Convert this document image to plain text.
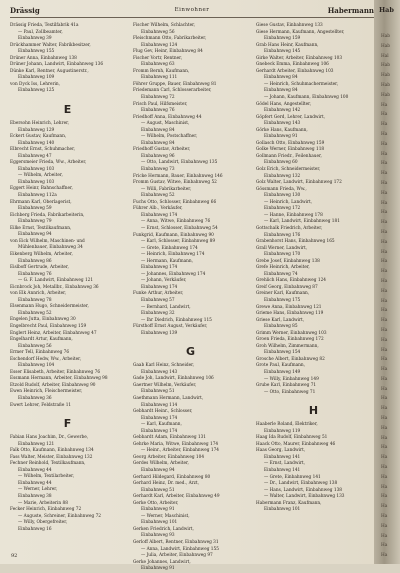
Drässig	Einwohner	Habermann
Drässig Frieda, Textilfabrik 41a
— Paul, Zollbeamter,
Einbahnweg 39
Drückhammer Walter, Fabrikbesitzer,
Einbahnweg 155
Drüner Anna, Einbahnweg 138
Drüner Johann, Landwirt, Einbahnweg 136
Dünke Karl, Rentner, Augustinerstr.,
Einbahnweg 109
von Dyck Iss, Lehrerin,
Einbahnweg 125
E
Ebersohn Heinrich, Lehrer,
Einbahnweg 129
Eckert Gustav, Kaufmann,
Einbahnweg 140
Elbrecht Ernst, Schuhmacher,
Einbahnweg 47
Eggersmeier Frieda, Ww., Arbeiter,
Einbahnweg 103
— Wilhelm, Arbeiter,
Einbahnweg 103
Eggert Heinr, Bahnschaffner,
Einbahnweg 112a
Ehrmann Karl, Oberlagerist,
Einbahnweg 59
Eichberg Frieda, Fabrikarbeiterin,
Einbahnweg 79
Eilke Ernst, Textilkaufmann,
Einbahnweg 94
von Eick Wilhelm, Maschinen- und
Mühlenbauer, Einbahnweg 34
Eikenberg Wilhelm, Arbeiter,
Einbahnweg 86
Eislboff Gertrude, Arbeiter,
Einbahnweg 76
— G. F. Landwirt, Einbahnweg 121
Eicnbrock Joh, Metallbr., Einbahnweg 36
von Elk Annrich, Arbeiter,
Einbahnweg 78
Elsenmann Hugo, Schneidermeister,
Einbahnweg 52
Engelen Jutta, Einbahnweg 30
Engelbrecht Paul, Einbahnweg 159
Englert Heinz, Arbeiter, Einbahnweg 47
Engelhardt Artur, Kaufmann,
Einbahnweg 56
Ermer Tell, Einbahnweg 76
Eschendorf Hedw, Ww., Arbeiter,
Einbahnweg 104
Esser Elisabeth, Arbeiter, Einbahnweg 76
Essmann Hermann, Arbeiter, Einbahnweg 98
Etzold Rudolf, Arbeiter, Einbahnweg 90
Ewen Heinrich, Fleischermeister,
Einbahnweg 36
Ewert Lehrer, Feldstraße 11
F
Fabian Hans Joachim, Dr., Gewerbe,
Einbahnweg 121
Falk Otto, Kaufmann, Einbahnweg 134
Fass Walter, Meister, Einbahnweg 132
Fechner Reinhold, Textilkaufmann,
Einbahnweg 44
— Wilhelm, Textilarbeiter,
Einbahnweg 44
— Werner, Lehrer,
Einbahnweg 38
— Marie, Arbeiterin 88
Fecker Heinrich, Einbahnweg 72
— Auguste, Schreiner, Einbahnweg 72
— Willy, Obergefreiter,
Einbahnweg 16
Fischer Wilhelm, Schlachter,
Einbahnweg 56
Fleischmann Otto, Fabrikarbeiter,
Einbahnweg 124
Flug Gev, Heinr, Einbahnweg 84
Fischer Vortr, Rentner,
Einbahnweg 63
Fromm Bernh, Kaufmann,
Einbahnweg 111
Föhrer Gruppe, Bauer, Einbahnweg 81
Friedemann Carl, Schlosserarbeiter,
Einbahnweg 72
Frisch Paul, Hilfsmeister,
Einbahnweg 76
Friedhoff Anna, Einbahnweg 44
— August, Maschinist,
Einbahnweg 84
— Wilhelm, Postschaffner,
Einbahnweg 84
Friedhoff Gustav, Arbeiter,
Einbahnweg 96
— Otto, Landwirt, Einbahnweg 135
Einbahnweg 73
Fricke Hermann, Bauer, Einbahnweg 146
Fromm Gustav, Witwe, Einbahnweg 52
— Willi, Fabrikarbeiter,
Einbahnweg 52
Fuchs Otto, Schlosser, Einbahnweg 66
Führer Alb., Verkäufer,
Einbahnweg 174
— Anna, Witwe, Einbahnweg 76
— Ernst, Schlosser, Einbahnweg 54
Funkgrid, Kaufmann, Einbahnweg 90
— Karl, Schlosser, Einbahnweg 89
— Grete, Einbahnweg 174
— Heinrich, Einbahnweg 174
— Hermann, Kaufmann,
Einbahnweg 174
— Johannes, Einbahnweg 174
— Johann, Verkäufer,
Einbahnweg 174
Funke Arthur, Arbeiter,
Einbahnweg 57
— Bernhard, Landwirt,
Einbahnweg 32
— Ihr Diedrich, Einbahnweg 115
Fürsthoff Ernst August, Verkäufer,
Einbahnweg 139
G
Gaab Karl Heinz, Schneider,
Einbahnweg 143
Gade Joh, Landwirt, Einbahnweg 106
Gaertner Wilhelm, Verkäufer,
Einbahnweg 51
Gaethmann Hermann, Landwirt,
Einbahnweg 114
Gebhardt Heinr., Schlosser,
Einbahnweg 174
— Karl, Kaufmann,
Einbahnweg 174
Gebbardt Adam, Einbahnweg 131
Gehrke Maria, Witwe, Einbahnweg 174
— Heinr., Arbeiter, Einbahnweg 174
Georg Arbeiter, Einbahnweg 104
Gerdes Wilhelm, Arbeiter,
Einbahnweg 94
Gerhard Hildegard, Einbahnweg 80
Gerhard Heinz, Dr. med., Arzt,
Einbahnweg 51
Gerhardt Karl, Arbeiter, Einbahnweg 49
Gerke Otto, Arbeiter,
Einbahnweg 91
— Werner, Maschinist,
Einbahnweg 101
Gerken Friedrich, Landwirt,
Einbahnweg 93
Gerloff Albert, Rentner, Einbahnweg 31
— Anna, Landwirt, Einbahnweg 155
— Julia, Arbeiter, Einbahnweg 97
Gerke Johannes, Landwirt,
Einbahnweg 91
Giese Gustav, Einbahnweg 133
Giese Hermann, Kaufmann, Angestellter,
Einbahnweg 159
Grab Hans Heinr, Kaufmann,
Einbahnweg 145
Girke Walter, Arbeiter, Einbahnweg 103
Gnebeck Emma, Einbahnweg 106
Gerhardt Arbeiter, Einbahnweg 103
Einbahnweg 84
— Heinrich, Schuhmachermeister,
Einbahnweg 84
— Johann, Kaufmann, Einbahnweg 100
Gödel Hans, Angestellter,
Einbahnweg 142
Göpfert Gerd, Lehrer, Landwirt,
Einbahnweg 143
Görke Hans, Kaufmann,
Einbahnweg 91
Gollasch Otto, Einbahnweg 159
Golke Werner, Einbahnweg 118
Gollmann Friedr., Feilenhauer,
Einbahnweg 60
Golz Erich, Schneidermeister,
Einbahnweg 132
Golz Walter, Landwirt, Einbahnweg 172
Gössmann Frieda, Ww.,
Einbahnweg 130
— Heinrich, Landwirt,
Einbahnweg 172
— Hanne, Einbahnweg 178
— Karl, Landwirt, Einbahnweg 181
Gottschalk Friedrich, Arbeiter,
Einbahnweg 176
Grabenhorst Hans, Einbahnweg 165
Grall Werner, Landwirt,
Einbahnweg 170
Grebe Josef, Einbahnweg 138
Grefe Heinrich, Arbeiter,
Einbahnweg 74
Grehlich Hans, Einbahnweg 124
Greif Georg, Einbahnweg 87
Greiner Karl, Kaufmann,
Einbahnweg 175
Grewe Anna, Einbahnweg 121
Grieme Hans, Einbahnweg 119
Griese Karl, Landwirt,
Einbahnweg 85
Grimm Werner, Einbahnweg 103
Groen Frieda, Einbahnweg 172
Groh Wilhelm, Zimmermann,
Einbahnweg 154
Grosche Albert, Einbahnweg 82
Grote Paul, Kaufmann,
Einbahnweg 149
— Willy, Einbahnweg 149
Grube Karl, Einbahnweg 71
— Otto, Einbahnweg 71
H
Haaberle Roland, Elektriker,
Einbahnweg 119
Haag Ida Rudolf, Einbahnweg 51
Haack Otto, Maurer, Einbahnweg 46
Haas Georg, Landwirt,
Einbahnweg 141
— Ernst, Landwirt,
Einbahnweg 141
— Grete, Einbahnweg 141
— Dr., Landwirt, Einbahnweg 138
— Hans, Landwirt, Einbahnweg 138
— Walter, Landwirt, Einbahnweg 133
Habermann Franz, Kaufmann,
Einbahnweg 101
92
Hab
Hab
Hab
Hal
Hab
Hab
Hab
Hab
Ha
Ha
Ha
Ha
Ha
Ha
Ha
Ha
Ha
Ha
Ha
Ha
Ha
Ha
Ha
Ha
Ha
Ha
Ha
Ha
Ha
Ha
Ha
Ha
Ha
Ha
Ha
Ha
Ha
Ha
Ha
Ha
Ha
Ha
Ha
Ha
Ha
Ha
Ha
Ha
Ha
Ha
Ha
Ha
Ha
Ha
Ha
